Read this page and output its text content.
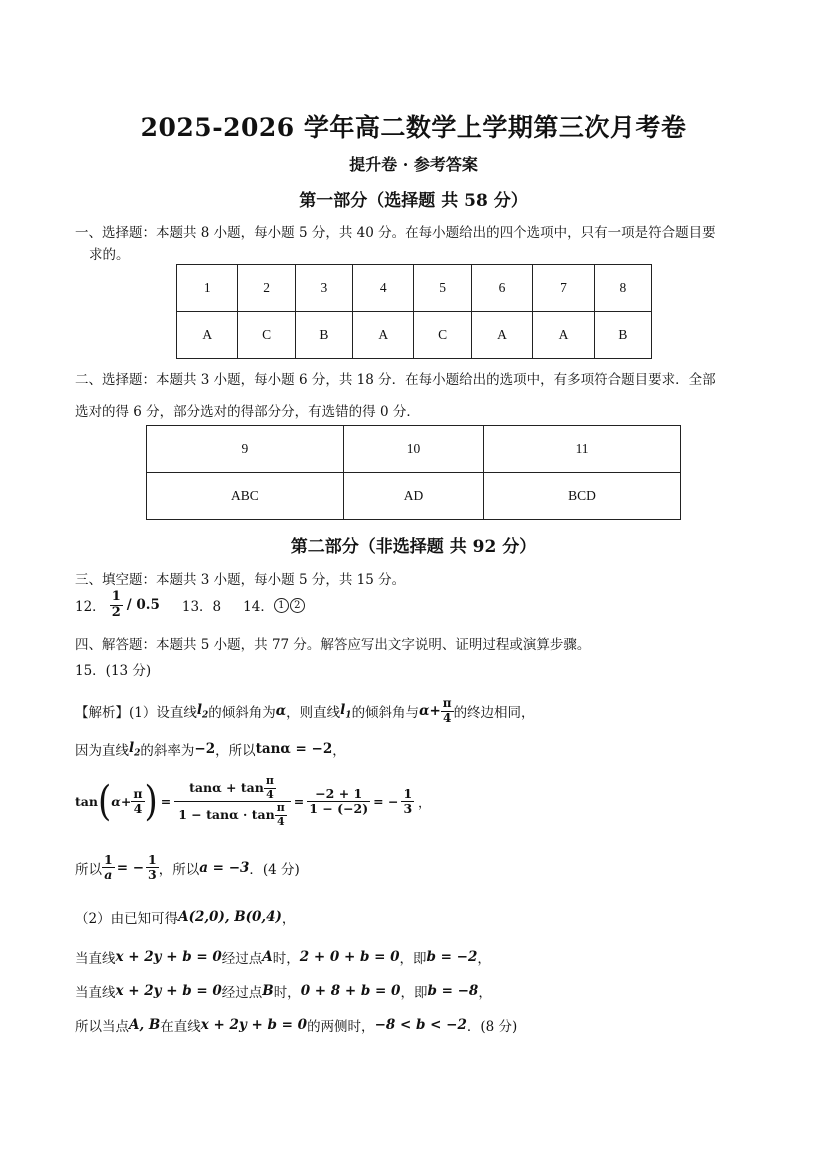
2025-2026 学年高二数学上学期第三次月考卷
提升卷 · 参考答案
第一部分（选择题 共 58 分）
一、选择题：本题共 8 小题，每小题 5 分，共 40 分。在每小题给出的四个选项中，只有一项是符合题目要
求的。
1	2	3	4	5	6	7	8
A	C	B	A	C	A	A	B
二、选择题：本题共 3 小题，每小题 6 分，共 18 分．在每小题给出的选项中，有多项符合题目要求．全部
选对的得 6 分，部分选对的得部分分，有选错的得 0 分．
9	10	11
ABC	AD	BCD
第二部分（非选择题 共 92 分）
三、填空题：本题共 3 小题，每小题 5 分，共 15 分。
12． $\frac{1}{2} / 0.5$ 13．8 14． 1 2
四、解答题：本题共 5 小题，共 77 分。解答应写出文字说明、证明过程或演算步骤。
15．(13 分)
【解析】(1）设直线 $l_2$ 的倾斜角为 α ，则直线 $l_1$ 的倾斜角与 $\alpha + \frac{\pi}{4}$ 的终边相同，
因为直线 $l_2$ 的斜率为 −2 ，所以 tanα = −2 ，
tan ( $\alpha + \frac{\pi}{4}$ ) = $\frac{\tan\alpha + \tan \frac{\pi}{4}}{1 - \tan\alpha \cdot \tan \frac{\pi}{4}} = \frac{-2 + 1}{1 - (-2)}$ = − $\frac{1}{3}$ ，
所以 $\frac{1}{a}$ = − $\frac{1}{3}$ ，所以 a = −3 ．(4 分)
（2）由已知可得 A(2,0), B(0,4) ，
当直线 x + 2y + b = 0 经过点 A 时， 2 + 0 + b = 0 ，即 b = −2 ，
当直线 x + 2y + b = 0 经过点 B 时， 0 + 8 + b = 0 ，即 b = −8 ，
所以当点 A, B 在直线 x + 2y + b = 0 的两侧时， −8 < b < −2 ．(8 分)
